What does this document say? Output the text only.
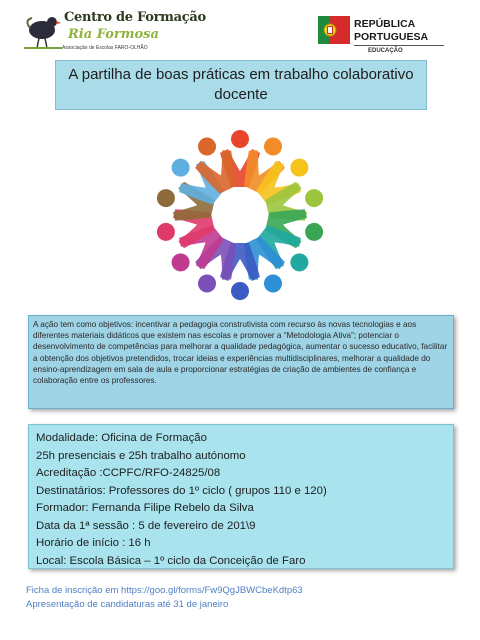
Centro de Formação
Ria Formosa
Associação de Escolas FARO-OLHÃO
REPÚBLICA
PORTUGUESA
EDUCAÇÃO
A partilha de boas práticas em trabalho colaborativo docente
A ação tem como objetivos: incentivar a pedagogia construtivista com recurso às novas tecnologias e aos diferentes materiais didáticos que existem nas escolas e promover a “Metodologia Ativa”; potenciar o desenvolvimento de competências para melhorar a qualidade pedagógica, aumentar o sucesso educativo, facilitar a obtenção dos objetivos pretendidos, trocar ideias e experiências multidisciplinares, melhorar a qualidade do ensino-aprendizagem em sala de aula e proporcionar estratégias de criação de ambientes de confiança e colaboração entre os professores.
Modalidade: Oficina de Formação
25h presenciais e 25h trabalho autónomo
Acreditação :CCPFC/RFO-24825/08
Destinatários: Professores do 1º ciclo ( grupos 110 e 120)
Formador: Fernanda Filipe Rebelo da Silva
Data da 1ª sessão : 5 de fevereiro de 201\9
Horário de início : 16 h
Local: Escola Básica – 1º ciclo da Conceição de Faro
Ficha de inscrição em https://goo.gl/forms/Fw9QgJBWCbeKdtp63
Apresentação de candidaturas até 31 de janeiro
